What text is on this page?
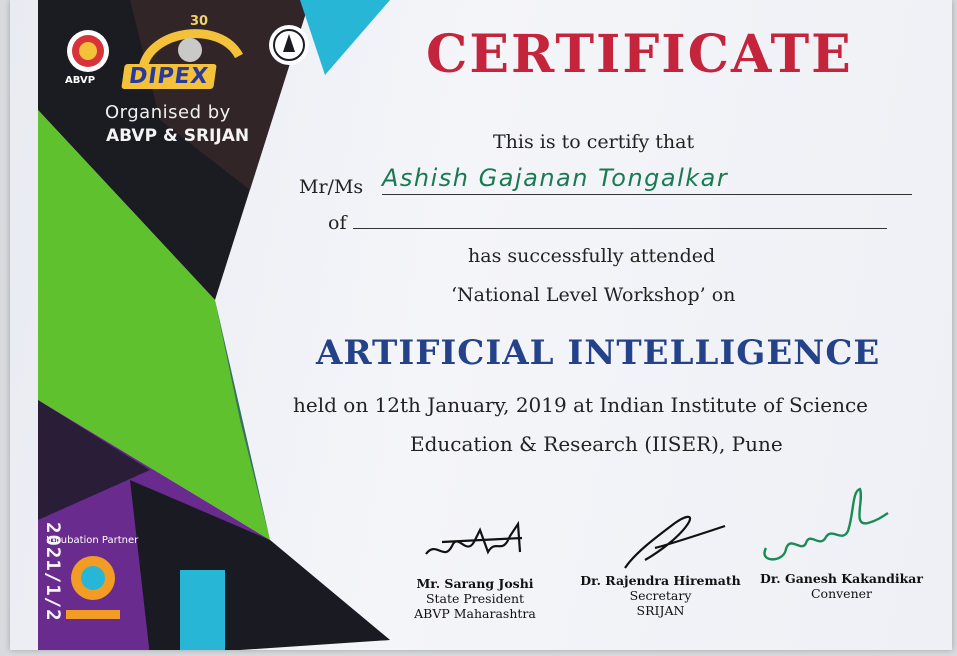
ABVP
30
DIPEX
Organised by
ABVP & SRIJAN
Incubation Partner
2021/1/2
CERTIFICATE
This is to certify that
Mr/Ms Ashish Gajanan Tongalkar
of
has successfully attended
‘National Level Workshop’ on
ARTIFICIAL INTELLIGENCE
held on 12th January, 2019 at Indian Institute of Science
Education & Research (IISER), Pune
Mr. Sarang Joshi
State President
ABVP Maharashtra
Dr. Rajendra Hiremath
Secretary
SRIJAN
Dr. Ganesh Kakandikar
Convener
